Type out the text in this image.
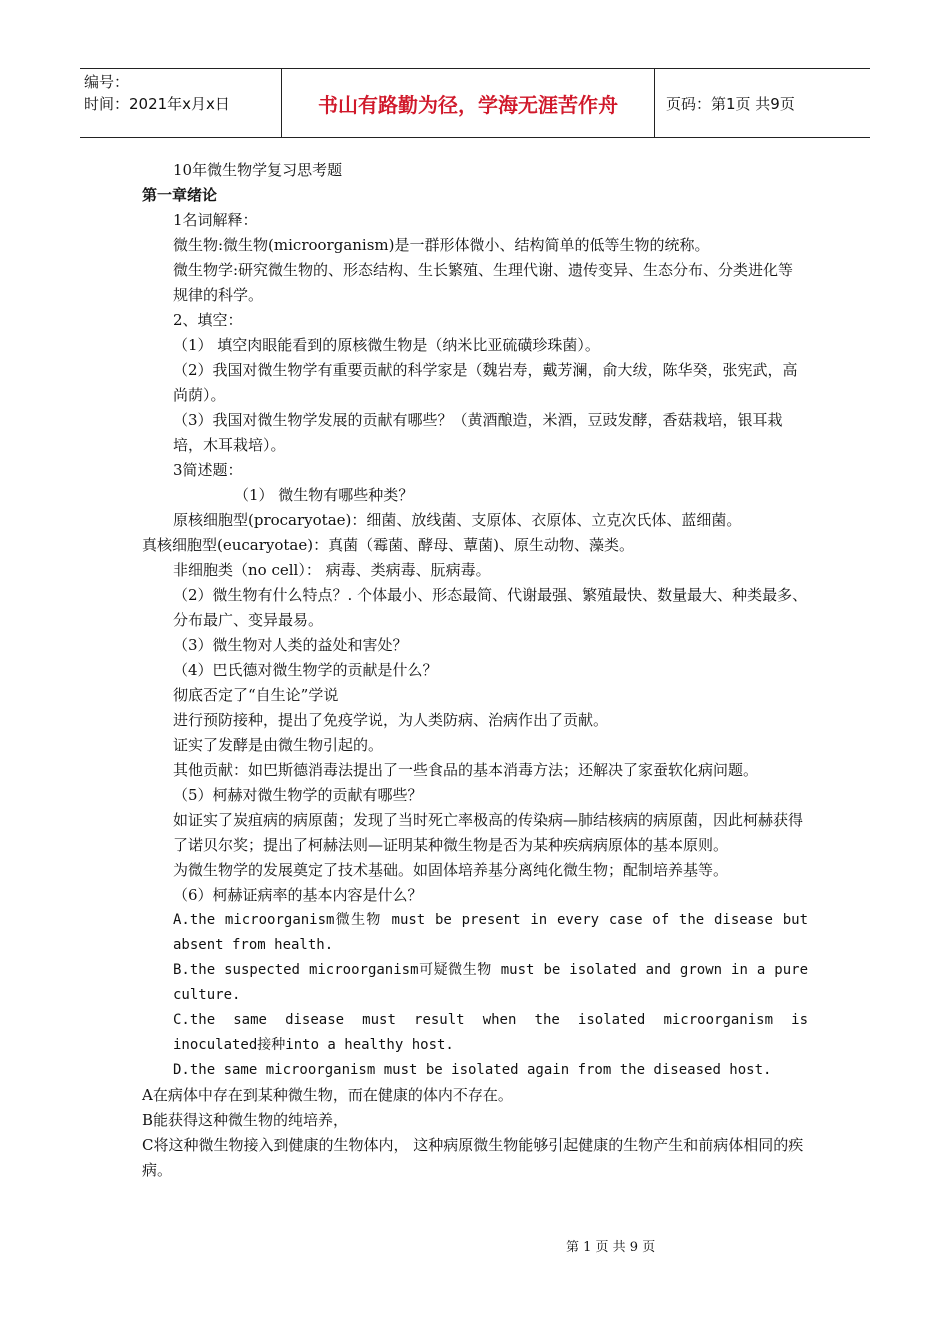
编号：
时间：2021年x月x日	书山有路勤为径，学海无涯苦作舟	页码：第1页 共9页

10年微生物学复习思考题

第一章绪论

1名词解释：

微生物:微生物(microorganism)是一群形体微小、结构简单的低等生物的统称。

微生物学:研究微生物的、形态结构、生长繁殖、生理代谢、遗传变异、生态分布、分类进化等规律的科学。

2、填空：

（1） 填空肉眼能看到的原核微生物是（纳米比亚硫磺珍珠菌）。

（2）我国对微生物学有重要贡献的科学家是（魏岩寿，戴芳澜，俞大绂，陈华癸，张宪武，高尚荫）。

（3）我国对微生物学发展的贡献有哪些？（黄酒酿造，米酒，豆豉发酵，香菇栽培，银耳栽培，木耳栽培）。

3简述题：

（1） 微生物有哪些种类？

原核细胞型(procaryotae)：细菌、放线菌、支原体、衣原体、立克次氏体、蓝细菌。

真核细胞型(eucaryotae)：真菌（霉菌、酵母、蕈菌)、原生动物、藻类。

非细胞类（no cell）： 病毒、类病毒、朊病毒。

（2）微生物有什么特点？. 个体最小、形态最简、代谢最强、繁殖最快、数量最大、种类最多、分布最广、变异最易。

（3）微生物对人类的益处和害处？

（4）巴氏德对微生物学的贡献是什么？

彻底否定了“自生论”学说

进行预防接种，提出了免疫学说，为人类防病、治病作出了贡献。

证实了发酵是由微生物引起的。

其他贡献：如巴斯德消毒法提出了一些食品的基本消毒方法；还解决了家蚕软化病问题。

（5）柯赫对微生物学的贡献有哪些？

如证实了炭疽病的病原菌；发现了当时死亡率极高的传染病—肺结核病的病原菌，因此柯赫获得了诺贝尔奖；提出了柯赫法则—证明某种微生物是否为某种疾病病原体的基本原则。

为微生物学的发展奠定了技术基础。如固体培养基分离纯化微生物；配制培养基等。

（6）柯赫证病率的基本内容是什么？

A.the microorganism微生物 must be present in every case of the disease but absent from health.

B.the suspected microorganism可疑微生物 must be isolated and grown in a pure culture.

C.the same disease must result when the isolated microorganism is inoculated接种into a healthy host.

D.the same microorganism must be isolated again from the diseased host.

A在病体中存在到某种微生物，而在健康的体内不存在。

B能获得这种微生物的纯培养，

C将这种微生物接入到健康的生物体内， 这种病原微生物能够引起健康的生物产生和前病体相同的疾病。

第 1 页 共 9 页
